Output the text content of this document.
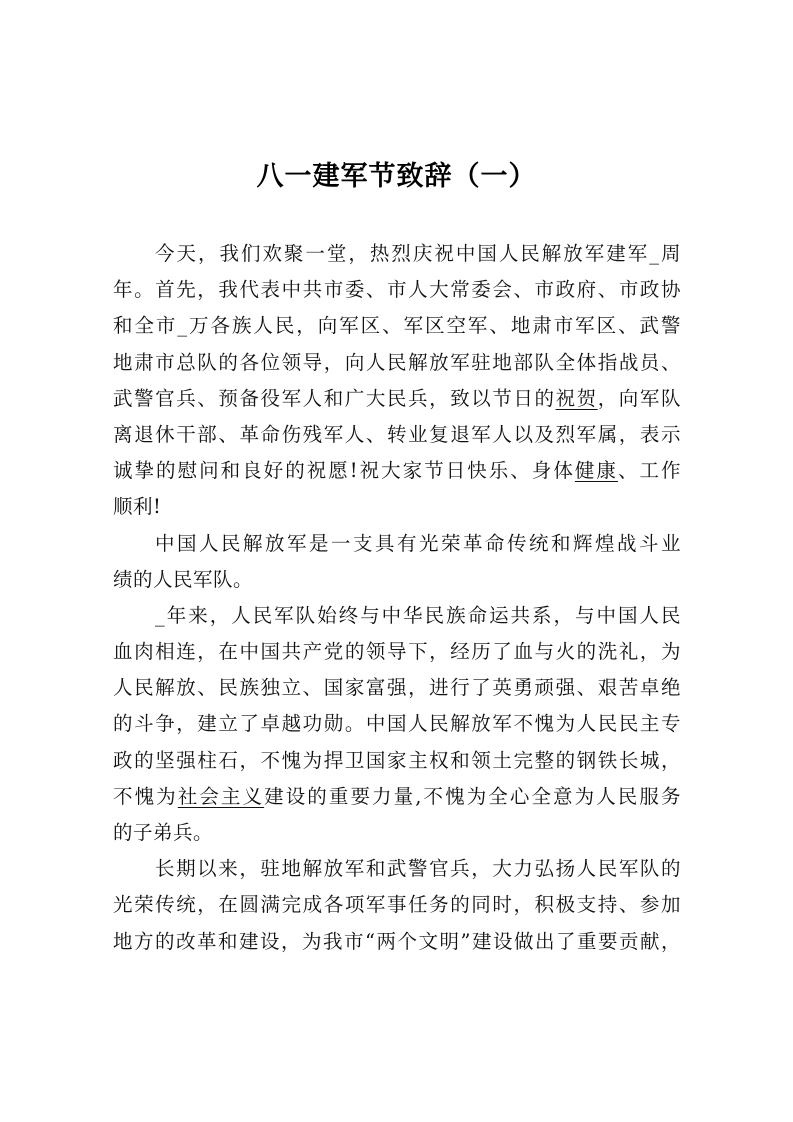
八一建军节致辞（一）
今天，我们欢聚一堂，热烈庆祝中国人民解放军建军_周
年。首先，我代表中共市委、市人大常委会、市政府、市政协
和全市_万各族人民，向军区、军区空军、地肃市军区、武警
地肃市总队的各位领导，向人民解放军驻地部队全体指战员、
武警官兵、预备役军人和广大民兵，致以节日的祝贺，向军队
离退休干部、革命伤残军人、转业复退军人以及烈军属，表示
诚挚的慰问和良好的祝愿!祝大家节日快乐、身体健康、工作
顺利!
中国人民解放军是一支具有光荣革命传统和辉煌战斗业
绩的人民军队。
_年来，人民军队始终与中华民族命运共系，与中国人民
血肉相连，在中国共产党的领导下，经历了血与火的洗礼，为
人民解放、民族独立、国家富强，进行了英勇顽强、艰苦卓绝
的斗争，建立了卓越功勋。中国人民解放军不愧为人民民主专
政的坚强柱石，不愧为捍卫国家主权和领土完整的钢铁长城，
不愧为社会主义建设的重要力量,不愧为全心全意为人民服务
的子弟兵。
长期以来，驻地解放军和武警官兵，大力弘扬人民军队的
光荣传统，在圆满完成各项军事任务的同时，积极支持、参加
地方的改革和建设，为我市“两个文明”建设做出了重要贡献，
